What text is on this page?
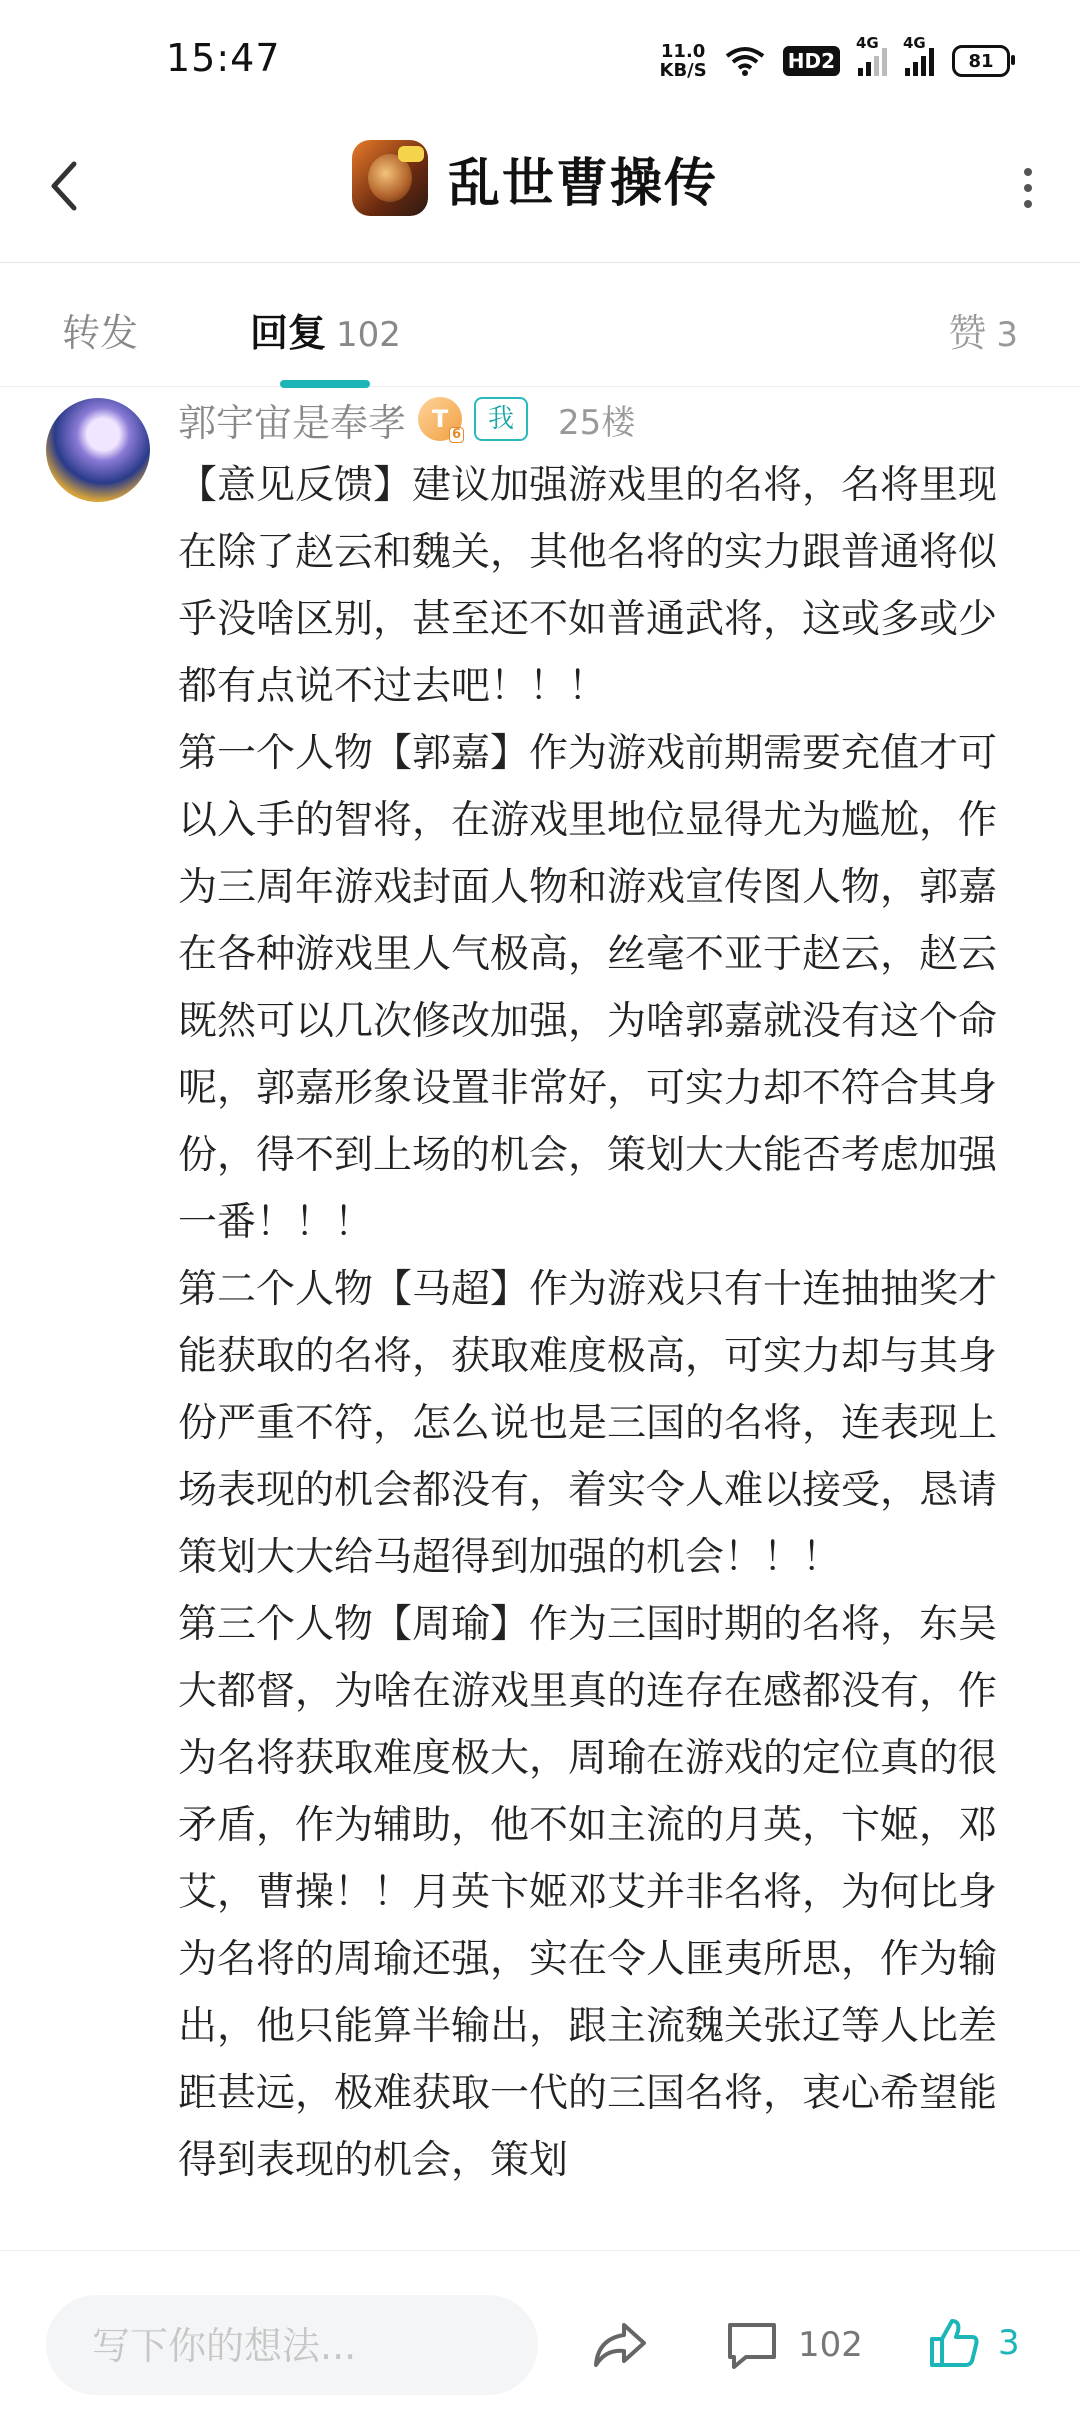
15:47	11.0
KB/S	HD2
4G 4G
81
乱世曹操传
转发	回复 102	赞 3
郭宇宙是奉孝 T
$_6$
我	25楼
【意见反馈】建议加强游戏里的名将，名将里现在除了赵云和魏关，其他名将的实力跟普通将似乎没啥区别，甚至还不如普通武将，这或多或少都有点说不过去吧！！！
第一个人物【郭嘉】作为游戏前期需要充值才可以入手的智将，在游戏里地位显得尤为尴尬，作为三周年游戏封面人物和游戏宣传图人物，郭嘉在各种游戏里人气极高，丝毫不亚于赵云，赵云既然可以几次修改加强，为啥郭嘉就没有这个命呢，郭嘉形象设置非常好，可实力却不符合其身份，得不到上场的机会，策划大大能否考虑加强一番！！！
第二个人物【马超】作为游戏只有十连抽抽奖才能获取的名将，获取难度极高，可实力却与其身份严重不符，怎么说也是三国的名将，连表现上场表现的机会都没有，着实令人难以接受，恳请策划大大给马超得到加强的机会！！！
第三个人物【周瑜】作为三国时期的名将，东吴大都督，为啥在游戏里真的连存在感都没有，作为名将获取难度极大，周瑜在游戏的定位真的很矛盾，作为辅助，他不如主流的月英，卞姬，邓艾，曹操！！月英卞姬邓艾并非名将，为何比身为名将的周瑜还强，实在令人匪夷所思，作为输出，他只能算半输出，跟主流魏关张辽等人比差距甚远，极难获取一代的三国名将，衷心希望能得到表现的机会，策划
写下你的想法...
102	3
